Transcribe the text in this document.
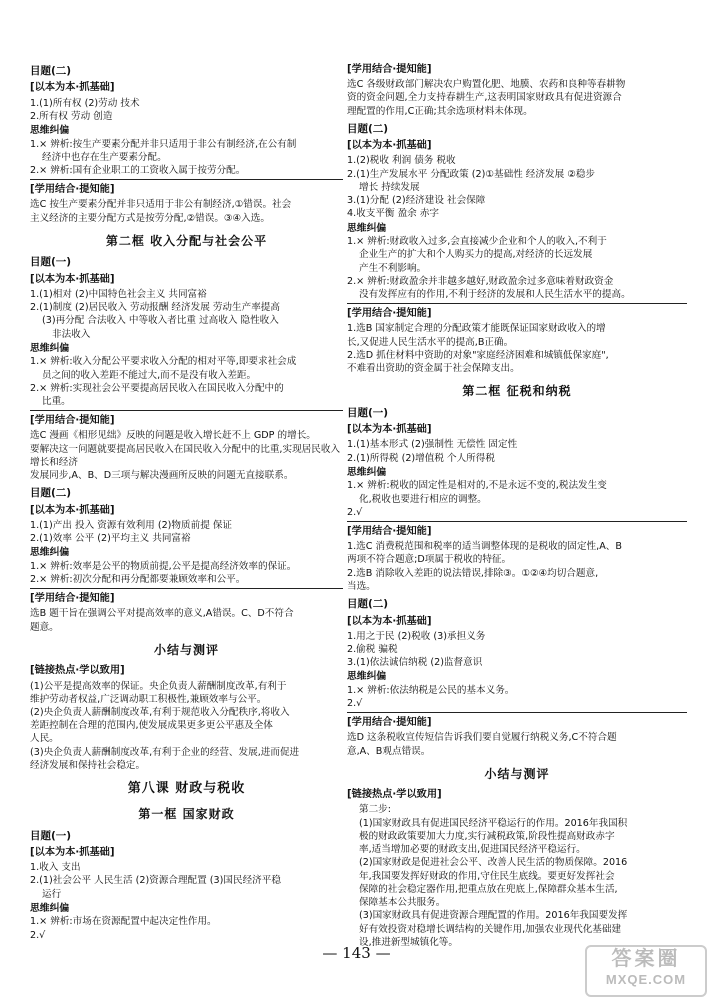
目题(二)
[以本为本·抓基础]
1.(1)所有权 (2)劳动 技术
2.所有权 劳动 创造
思维纠偏
1.× 辨析:按生产要素分配并非只适用于非公有制经济,在公有制
经济中也存在生产要素分配。
2.× 辨析:国有企业职工的工资收入属于按劳分配。
[学用结合·提知能]
选C 按生产要素分配并非只适用于非公有制经济,①错误。社会
主义经济的主要分配方式是按劳分配,②错误。③④入选。
第二框 收入分配与社会公平
目题(一)
[以本为本·抓基础]
1.(1)相对 (2)中国特色社会主义 共同富裕
2.(1)制度 (2)居民收入 劳动报酬 经济发展 劳动生产率提高
(3)再分配 合法收入 中等收入者比重 过高收入 隐性收入
非法收入
思维纠偏
1.× 辨析:收入分配公平要求收入分配的相对平等,即要求社会成
员之间的收入差距不能过大,而不是没有收入差距。
2.× 辨析:实现社会公平要提高居民收入在国民收入分配中的
比重。
[学用结合·提知能]
选C 漫画《相形见绌》反映的问题是收入增长赶不上 GDP 的增长。
要解决这一问题就要提高居民收入在国民收入分配中的比重,实现居民收入增长和经济
发展同步,A、B、D三项与解决漫画所反映的问题无直接联系。
目题(二)
[以本为本·抓基础]
1.(1)产出 投入 资源有效利用 (2)物质前提 保证
2.(1)效率 公平 (2)平均主义 共同富裕
思维纠偏
1.× 辨析:效率是公平的物质前提,公平是提高经济效率的保证。
2.× 辨析:初次分配和再分配都要兼顾效率和公平。
[学用结合·提知能]
选B 题干旨在强调公平对提高效率的意义,A错误。C、D不符合
题意。
小结与测评
[链接热点·学以致用]
(1)公平是提高效率的保证。央企负责人薪酬制度改革,有利于
维护劳动者权益,广泛调动职工积极性,兼顾效率与公平。
(2)央企负责人薪酬制度改革,有利于规范收入分配秩序,将收入
差距控制在合理的范围内,使发展成果更多更公平惠及全体
人民。
(3)央企负责人薪酬制度改革,有利于企业的经营、发展,进而促进
经济发展和保持社会稳定。
第八课 财政与税收
第一框 国家财政
目题(一)
[以本为本·抓基础]
1.收入 支出
2.(1)社会公平 人民生活 (2)资源合理配置 (3)国民经济平稳
运行
思维纠偏
1.× 辨析:市场在资源配置中起决定性作用。
2.√
[学用结合·提知能]
选C 各级财政部门解决农户购置化肥、地膜、农药和良种等春耕物
资的资金问题,全力支持春耕生产,这表明国家财政具有促进资源合
理配置的作用,C正确;其余选项材料未体现。
目题(二)
[以本为本·抓基础]
1.(2)税收 利润 债务 税收
2.(1)生产发展水平 分配政策 (2)①基础性 经济发展 ②稳步
增长 持续发展
3.(1)分配 (2)经济建设 社会保障
4.收支平衡 盈余 赤字
思维纠偏
1.× 辨析:财政收入过多,会直接减少企业和个人的收入,不利于
企业生产的扩大和个人购买力的提高,对经济的长远发展
产生不利影响。
2.× 辨析:财政盈余并非越多越好,财政盈余过多意味着财政资金
没有发挥应有的作用,不利于经济的发展和人民生活水平的提高。
[学用结合·提知能]
1.选B 国家制定合理的分配政策才能既保证国家财政收入的增
长,又促进人民生活水平的提高,B正确。
2.选D 抓住材料中资助的对象"家庭经济困难和城镇低保家庭",
不难看出资助的资金属于社会保障支出。
第二框 征税和纳税
目题(一)
[以本为本·抓基础]
1.(1)基本形式 (2)强制性 无偿性 固定性
2.(1)所得税 (2)增值税 个人所得税
思维纠偏
1.× 辨析:税收的固定性是相对的,不是永远不变的,税法发生变
化,税收也要进行相应的调整。
2.√
[学用结合·提知能]
1.选C 消费税范围和税率的适当调整体现的是税收的固定性,A、B
两项不符合题意;D项属于税收的特征。
2.选B 消除收入差距的说法错误,排除③。①②④均切合题意,
当选。
目题(二)
[以本为本·抓基础]
1.用之于民 (2)税收 (3)承担义务
2.偷税 骗税
3.(1)依法诚信纳税 (2)监督意识
思维纠偏
1.× 辨析:依法纳税是公民的基本义务。
2.√
[学用结合·提知能]
选D 这条税收宣传短信告诉我们要自觉履行纳税义务,C不符合题
意,A、B观点错误。
小结与测评
[链接热点·学以致用]
第二步:
(1)国家财政具有促进国民经济平稳运行的作用。2016年我国积
极的财政政策要加大力度,实行减税政策,阶段性提高财政赤字
率,适当增加必要的财政支出,促进国民经济平稳运行。
(2)国家财政是促进社会公平、改善人民生活的物质保障。2016
年,我国要发挥好财政的作用,守住民生底线。要更好发挥社会
保障的社会稳定器作用,把重点放在兜底上,保障群众基本生活,
保障基本公共服务。
(3)国家财政具有促进资源合理配置的作用。2016年我国要发挥
好有效投资对稳增长调结构的关键作用,加强农业现代化基础建
设,推进新型城镇化等。
— 143 —	答案圈
MXQE.COM
